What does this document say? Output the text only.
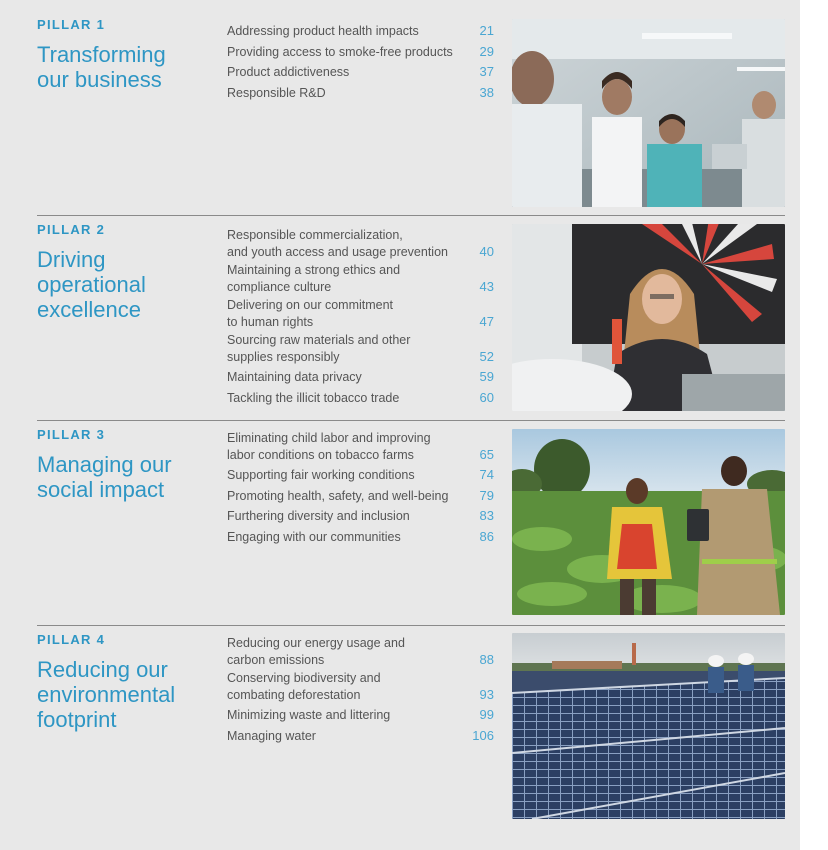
PILLAR 1
Transforming
our business
Addressing product health impacts	21
Providing access to smoke-free products 29
Product addictiveness	37
Responsible R&D	38
PILLAR 2
Driving
operational
excellence
Responsible commercialization,
and youth access and usage prevention	40
Maintaining a strong ethics and
compliance culture	43
Delivering on our commitment
to human rights	47
Sourcing raw materials and other
supplies responsibly	52
Maintaining data privacy	59
Tackling the illicit tobacco trade	60
PILLAR 3
Managing our
social impact
Eliminating child labor and improving
labor conditions on tobacco farms	65
Supporting fair working conditions	74
Promoting health, safety, and well-being 79
Furthering diversity and inclusion	83
Engaging with our communities	86
PILLAR 4
Reducing our
environmental
footprint
Reducing our energy usage and
carbon emissions	88
Conserving biodiversity and
combating deforestation	93
Minimizing waste and littering	99
Managing water	106
